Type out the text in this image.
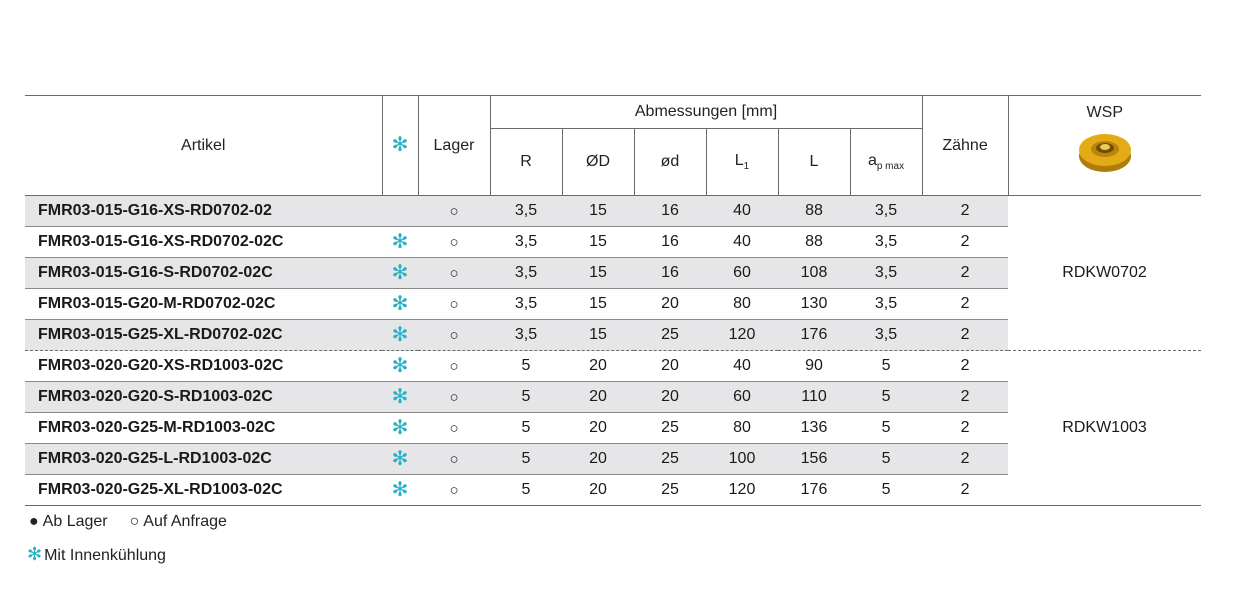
Artikel	✻	Lager	Abmessungen [mm]						Zähne	WSP

			R	ØD	ød	$L_1$	L	$a_{p max}$
FMR03-015-G16-XS-RD0702-02		○	3,5	15	16	40	88	3,5	2	RDKW0702
FMR03-015-G16-XS-RD0702-02C	✻	○	3,5	15	16	40	88	3,5	2	
FMR03-015-G16-S-RD0702-02C	✻	○	3,5	15	16	60	108	3,5	2	
FMR03-015-G20-M-RD0702-02C	✻	○	3,5	15	20	80	130	3,5	2	
FMR03-015-G25-XL-RD0702-02C	✻	○	3,5	15	25	120	176	3,5	2	
FMR03-020-G20-XS-RD1003-02C	✻	○	5	20	20	40	90	5	2	RDKW1003
FMR03-020-G20-S-RD1003-02C	✻	○	5	20	20	60	110	5	2	
FMR03-020-G25-M-RD1003-02C	✻	○	5	20	25	80	136	5	2	
FMR03-020-G25-L-RD1003-02C	✻	○	5	20	25	100	156	5	2	
FMR03-020-G25-XL-RD1003-02C	✻	○	5	20	25	120	176	5	2	
● Ab Lager ○ Auf Anfrage
✻ Mit Innenkühlung
